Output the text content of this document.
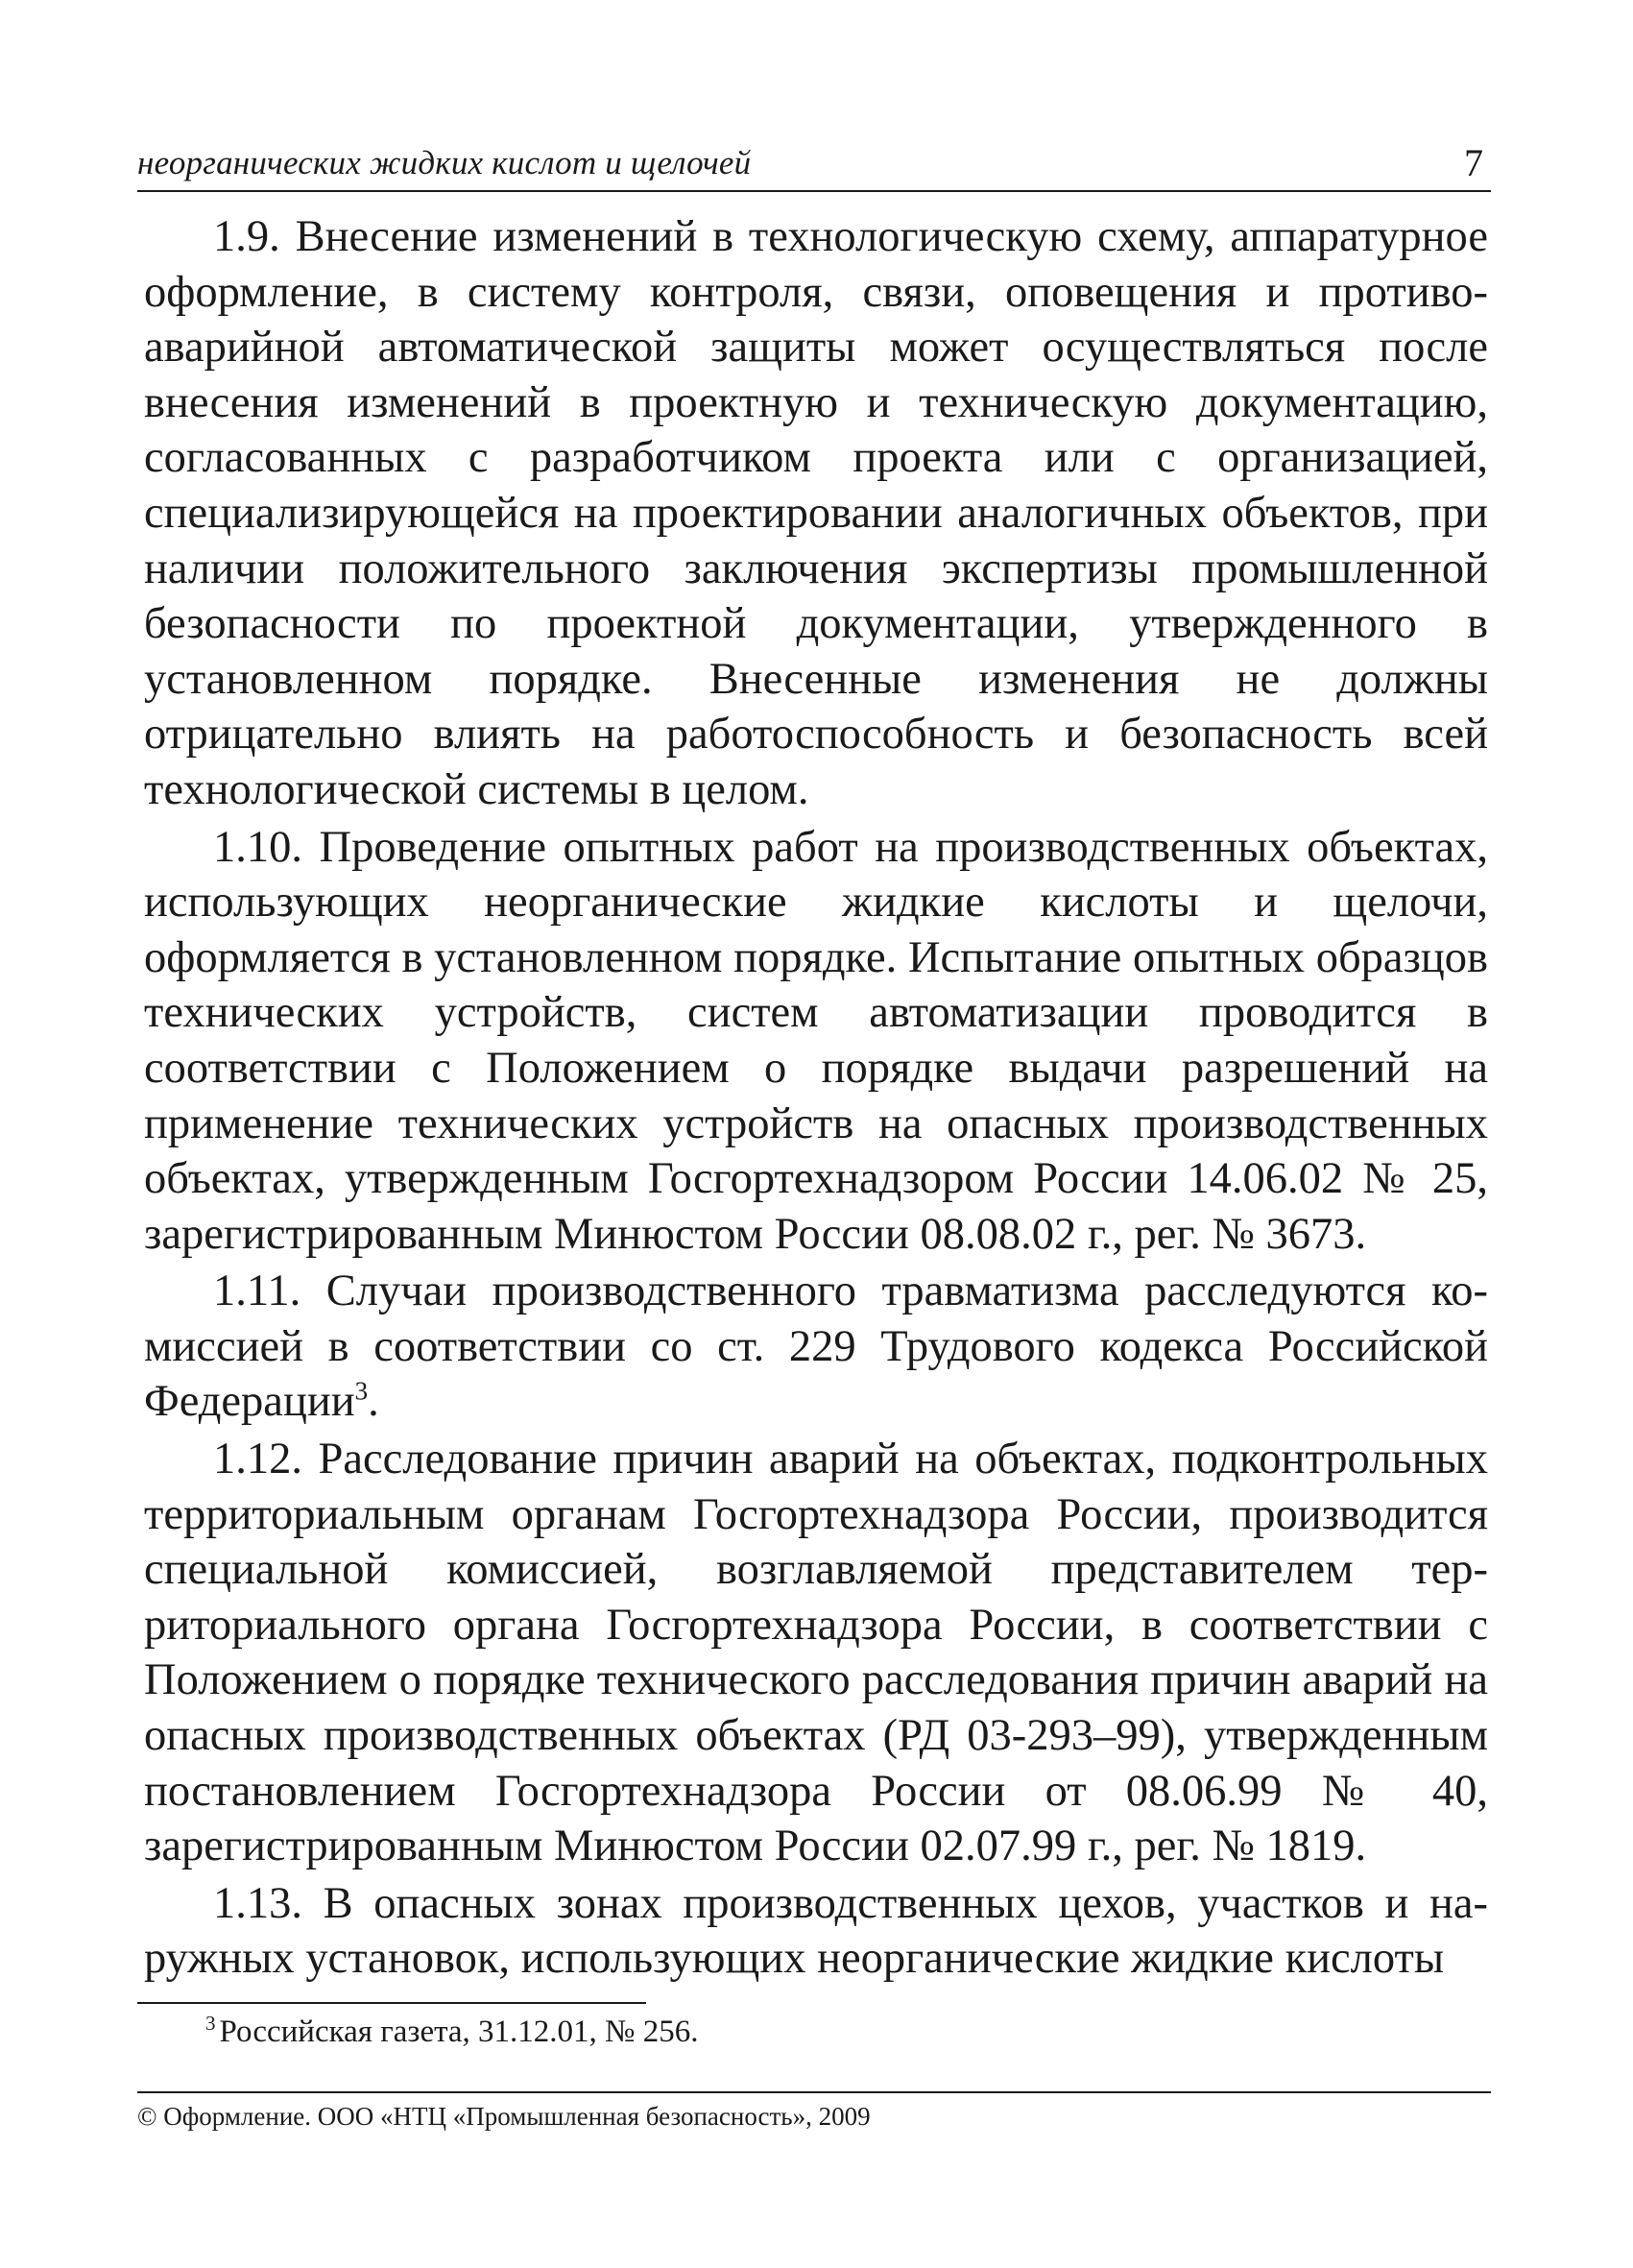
неорганических жидких кислот и щелочей	7

1.9. Внесение изменений в технологическую схему, аппаратурное оформление, в систему контроля, связи, оповещения и противоаварийной автоматической защиты может осуществляться после внесения изменений в проектную и техническую документацию, согласованных с разработчиком проекта или с организацией, специализирующейся на проектировании аналогичных объектов, при наличии положительного заключения экспертизы промышленной безопасности по проектной документации, утвержденного в установленном порядке. Внесенные изменения не должны отрицательно влиять на работоспособность и безопасность всей технологической системы в целом.

1.10. Проведение опытных работ на производственных объектах, использующих неорганические жидкие кислоты и щелочи, оформляется в установленном порядке. Испытание опытных образцов технических устройств, систем автоматизации проводится в соответствии с Положением о порядке выдачи разрешений на применение технических устройств на опасных производственных объектах, утвержденным Госгортехнадзором России 14.06.02 № 25, зарегистрированным Минюстом России 08.08.02 г., рег. № 3673.

1.11. Случаи производственного травматизма расследуются комиссией в соответствии со ст. 229 Трудового кодекса Российской Федерации$^3$.

1.12. Расследование причин аварий на объектах, подконтрольных территориальным органам Госгортехнадзора России, производится специальной комиссией, возглавляемой представителем территориального органа Госгортехнадзора России, в соответствии с Положением о порядке технического расследования причин аварий на опасных производственных объектах (РД 03-293–99), утвержденным постановлением Госгортехнадзора России от 08.06.99 № 40, зарегистрированным Минюстом России 02.07.99 г., рег. № 1819.

1.13. В опасных зонах производственных цехов, участков и наружных установок, использующих неорганические жидкие кислоты

$^3$ Российская газета, 31.12.01, № 256.
© Оформление. ООО «НТЦ «Промышленная безопасность», 2009
